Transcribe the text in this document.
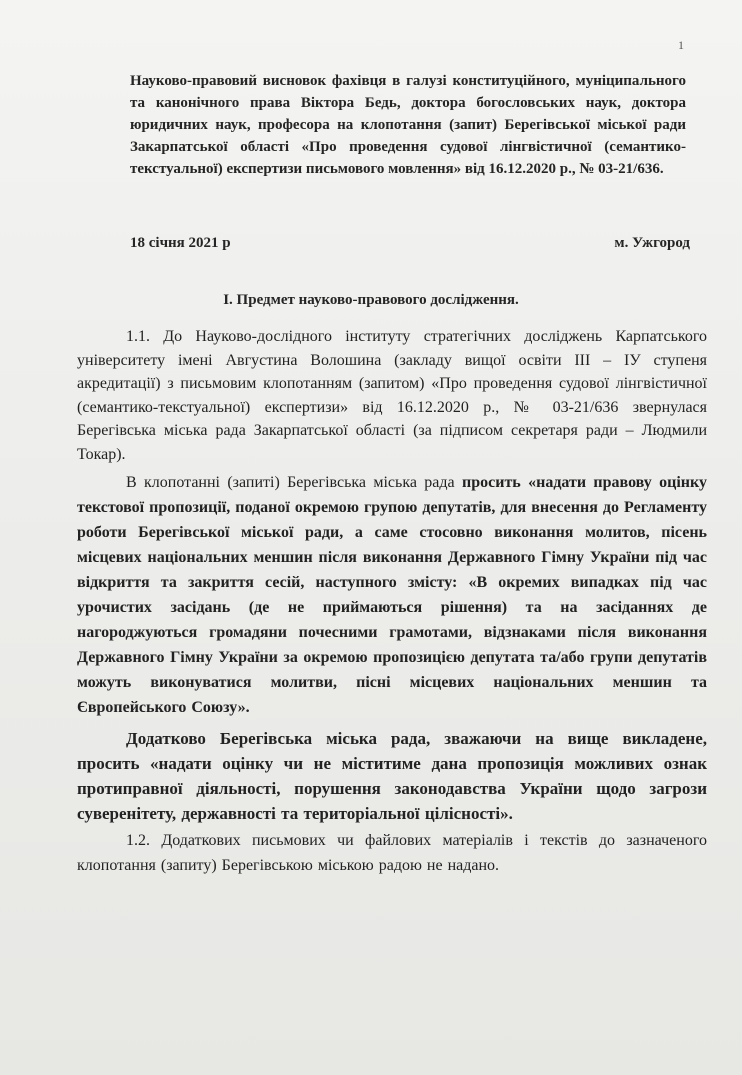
1
Науково-правовий висновок фахівця в галузі конституційного, муніципального та канонічного права Віктора Бедь, доктора богословських наук, доктора юридичних наук, професора на клопотання (запит) Берегівської міської ради Закарпатської області «Про проведення судової лінгвістичної (семантико-текстуальної) експертизи письмового мовлення» від 16.12.2020 р., № 03-21/636.
18 січня 2021 р	м. Ужгород
І. Предмет науково-правового дослідження.

1.1. До Науково-дослідного інституту стратегічних досліджень Карпатського університету імені Августина Волошина (закладу вищої освіти ІІІ – ІУ ступеня акредитації) з письмовим клопотанням (запитом) «Про проведення судової лінгвістичної (семантико-текстуальної) експертизи» від 16.12.2020 р., № 03-21/636 звернулася Берегівська міська рада Закарпатської області (за підписом секретаря ради – Людмили Токар).

В клопотанні (запиті) Берегівська міська рада просить «надати правову оцінку текстової пропозиції, поданої окремою групою депутатів, для внесення до Регламенту роботи Берегівської міської ради, а саме стосовно виконання молитов, пісень місцевих національних меншин після виконання Державного Гімну України під час відкриття та закриття сесій, наступного змісту: «В окремих випадках під час урочистих засідань (де не приймаються рішення) та на засіданнях де нагороджуються громадяни почесними грамотами, відзнаками після виконання Державного Гімну України за окремою пропозицією депутата та/або групи депутатів можуть виконуватися молитви, пісні місцевих національних меншин та Європейського Союзу».

Додатково Берегівська міська рада, зважаючи на вище викладене, просить «надати оцінку чи не міститиме дана пропозиція можливих ознак протиправної діяльності, порушення законодавства України щодо загрози суверенітету, державності та територіальної цілісності».

1.2. Додаткових письмових чи файлових матеріалів і текстів до зазначеного клопотання (запиту) Берегівською міською радою не надано.
